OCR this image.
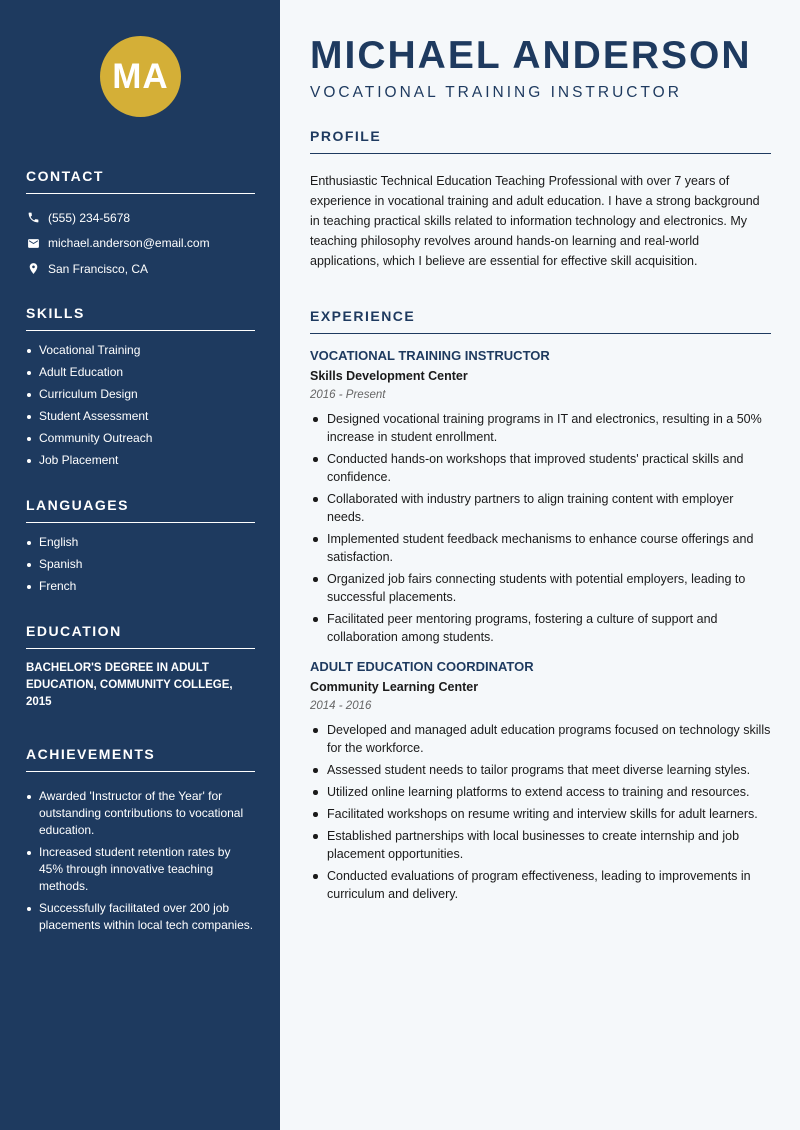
MA
CONTACT
(555) 234-5678
michael.anderson@email.com
San Francisco, CA
SKILLS
Vocational Training
Adult Education
Curriculum Design
Student Assessment
Community Outreach
Job Placement
LANGUAGES
English
Spanish
French
EDUCATION

BACHELOR'S DEGREE IN ADULT EDUCATION, COMMUNITY COLLEGE, 2015

ACHIEVEMENTS
Awarded 'Instructor of the Year' for outstanding contributions to vocational education.
Increased student retention rates by 45% through innovative teaching methods.
Successfully facilitated over 200 job placements within local tech companies.
MICHAEL ANDERSON
VOCATIONAL TRAINING INSTRUCTOR
PROFILE

Enthusiastic Technical Education Teaching Professional with over 7 years of experience in vocational training and adult education. I have a strong background in teaching practical skills related to information technology and electronics. My teaching philosophy revolves around hands-on learning and real-world applications, which I believe are essential for effective skill acquisition.

EXPERIENCE
VOCATIONAL TRAINING INSTRUCTOR
Skills Development Center
2016 - Present
Designed vocational training programs in IT and electronics, resulting in a 50% increase in student enrollment.
Conducted hands-on workshops that improved students' practical skills and confidence.
Collaborated with industry partners to align training content with employer needs.
Implemented student feedback mechanisms to enhance course offerings and satisfaction.
Organized job fairs connecting students with potential employers, leading to successful placements.
Facilitated peer mentoring programs, fostering a culture of support and collaboration among students.
ADULT EDUCATION COORDINATOR
Community Learning Center
2014 - 2016
Developed and managed adult education programs focused on technology skills for the workforce.
Assessed student needs to tailor programs that meet diverse learning styles.
Utilized online learning platforms to extend access to training and resources.
Facilitated workshops on resume writing and interview skills for adult learners.
Established partnerships with local businesses to create internship and job placement opportunities.
Conducted evaluations of program effectiveness, leading to improvements in curriculum and delivery.
